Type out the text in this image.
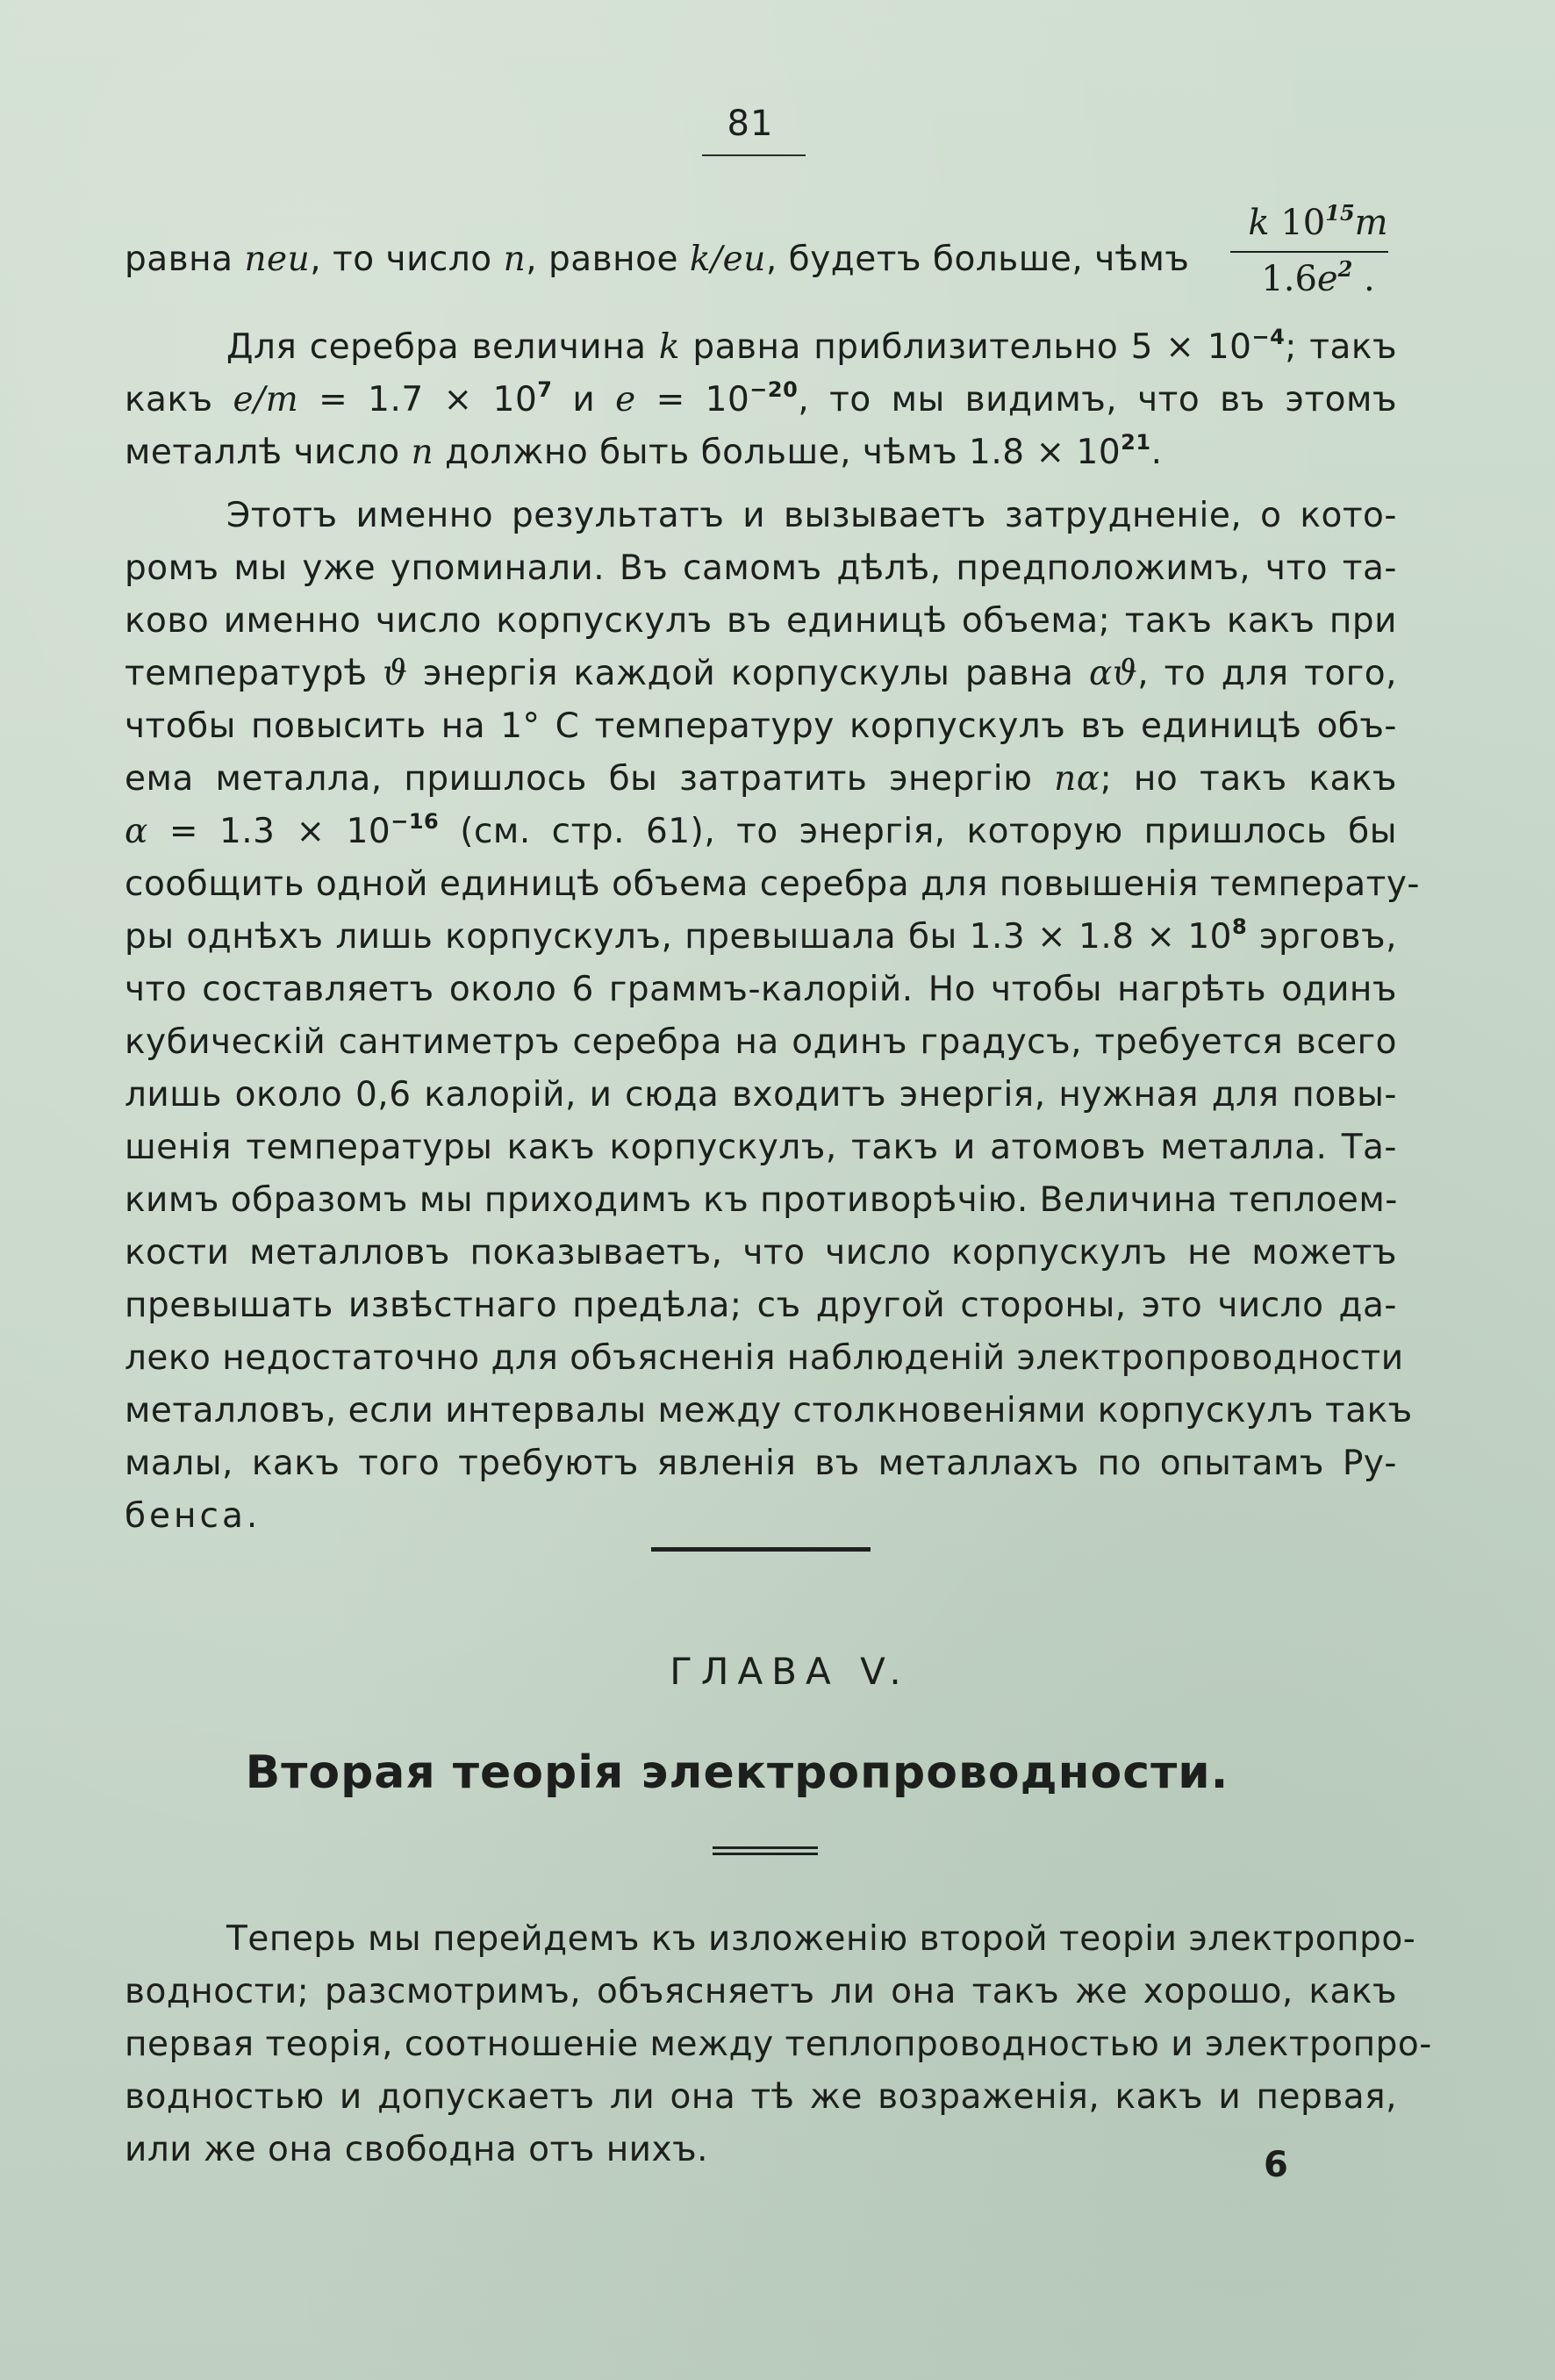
81
равна neu, то число n, равное k/eu, будетъ больше, чѣмъ
k $10^{15}m$
$1.6e^2$ .
Для серебра величина k равна приблизительно $5 \times 10^{-4}$; такъ
какъ $e/m = 1.7 \times 10^7$ и $e = 10^{-20}$, то мы видимъ, что въ этомъ
металлѣ число n должно быть больше, чѣмъ $1.8 \times 10^{21}$.
Этотъ именно результатъ и вызываетъ затрудненіе, о кото-
ромъ мы уже упоминали. Въ самомъ дѣлѣ, предположимъ, что та-
ково именно число корпускулъ въ единицѣ объема; такъ какъ при
температурѣ ϑ энергія каждой корпускулы равна αϑ, то для того,
чтобы повысить на 1° С температуру корпускулъ въ единицѣ объ-
ема металла, пришлось бы затратить энергію nα; но такъ какъ
$\alpha = 1.3 \times 10^{-16}$ (см. стр. 61), то энергія, которую пришлось бы
сообщить одной единицѣ объема серебра для повышенія температу-
ры однѣхъ лишь корпускулъ, превышала бы $1.3 \times 1.8 \times 10^8$ эрговъ,
что составляетъ около 6 граммъ-калорій. Но чтобы нагрѣть одинъ
кубическій сантиметръ серебра на одинъ градусъ, требуется всего
лишь около 0,6 калорій, и сюда входитъ энергія, нужная для повы-
шенія температуры какъ корпускулъ, такъ и атомовъ металла. Та-
кимъ образомъ мы приходимъ къ противорѣчію. Величина теплоем-
кости металловъ показываетъ, что число корпускулъ не можетъ
превышать извѣстнаго предѣла; съ другой стороны, это число да-
леко недостаточно для объясненія наблюденій электропроводности
металловъ, если интервалы между столкновеніями корпускулъ такъ
малы, какъ того требуютъ явленія въ металлахъ по опытамъ Ру-
бенса.
ГЛАВА V.
Вторая теорія электропроводности.
Теперь мы перейдемъ къ изложенію второй теоріи электропро-
водности; разсмотримъ, объясняетъ ли она такъ же хорошо, какъ
первая теорія, соотношеніе между теплопроводностью и электропро-
водностью и допускаетъ ли она тѣ же возраженія, какъ и первая,
или же она свободна отъ нихъ.	6
